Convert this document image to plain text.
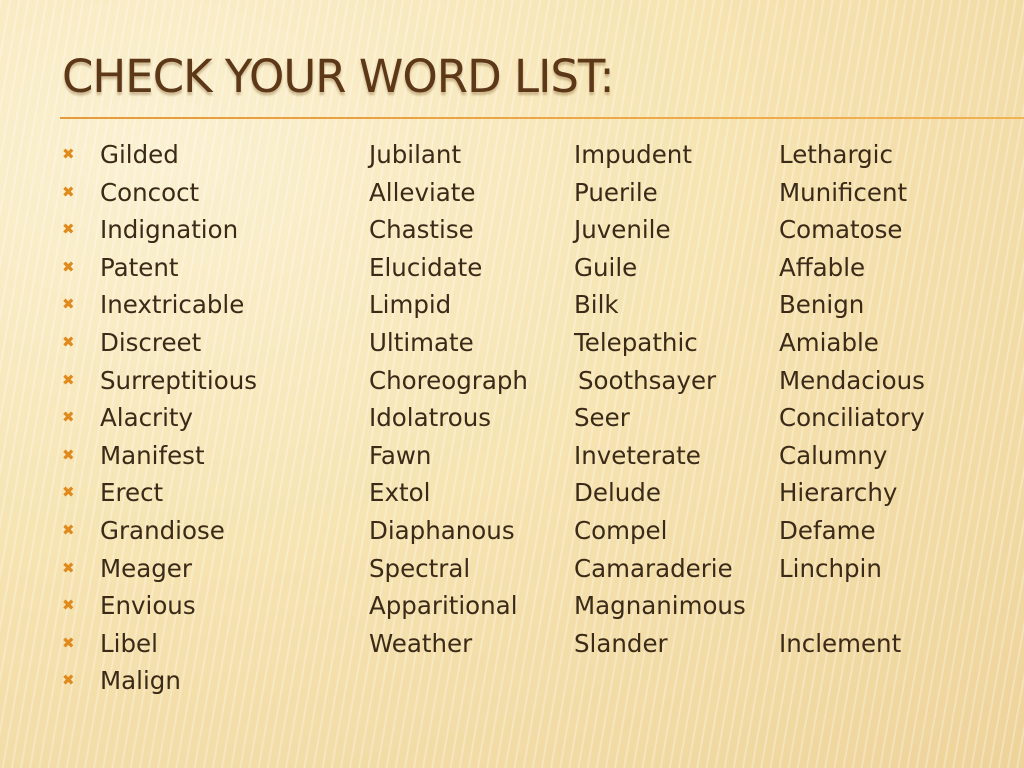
CHECK YOUR WORD LIST:
✖ Gilded
✖ Concoct
✖ Indignation
✖ Patent
✖ Inextricable
✖ Discreet
✖ Surreptitious
✖ Alacrity
✖ Manifest
✖ Erect
✖ Grandiose
✖ Meager
✖ Envious
✖ Libel
✖ Malign
Jubilant
Alleviate
Chastise
Elucidate
Limpid
Ultimate
Choreograph
Idolatrous
Fawn
Extol
Diaphanous
Spectral
Apparitional
Weather
Impudent
Puerile
Juvenile
Guile
Bilk
Telepathic
Soothsayer
Seer
Inveterate
Delude
Compel
Camaraderie
Magnanimous
Slander
Lethargic
Munificent
Comatose
Affable
Benign
Amiable
Mendacious
Conciliatory
Calumny
Hierarchy
Defame
Linchpin
Inclement
